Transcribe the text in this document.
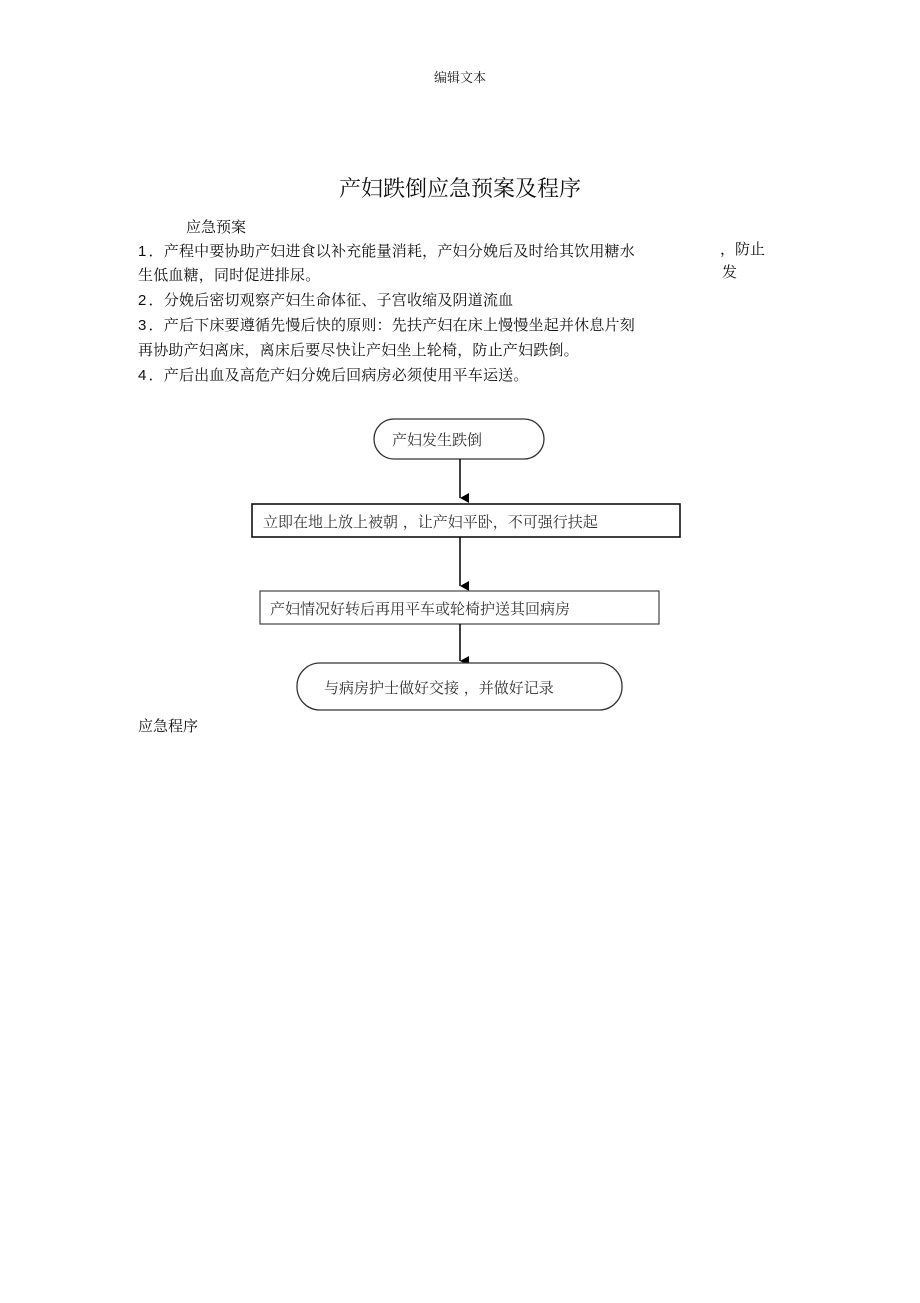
编辑文本
产妇跌倒应急预案及程序
应急预案
1 ．产程中要协助产妇进食以补充能量消耗，产妇分娩后及时给其饮用糖水
生低血糖，同时促进排尿。
，防止
发
2 ．分娩后密切观察产妇生命体征、子宫收缩及阴道流血
3 ．产后下床要遵循先慢后快的原则：先扶产妇在床上慢慢坐起并休息片刻
再协助产妇离床，离床后要尽快让产妇坐上轮椅，防止产妇跌倒。
4 ．产后出血及高危产妇分娩后回病房必须使用平车运送。
产妇发生跌倒
立即在地上放上被朝 ，让产妇平卧，不可强行扶起
产妇情况好转后再用平车或轮椅护送其回病房
与病房护士做好交接 ，并做好记录
应急程序
